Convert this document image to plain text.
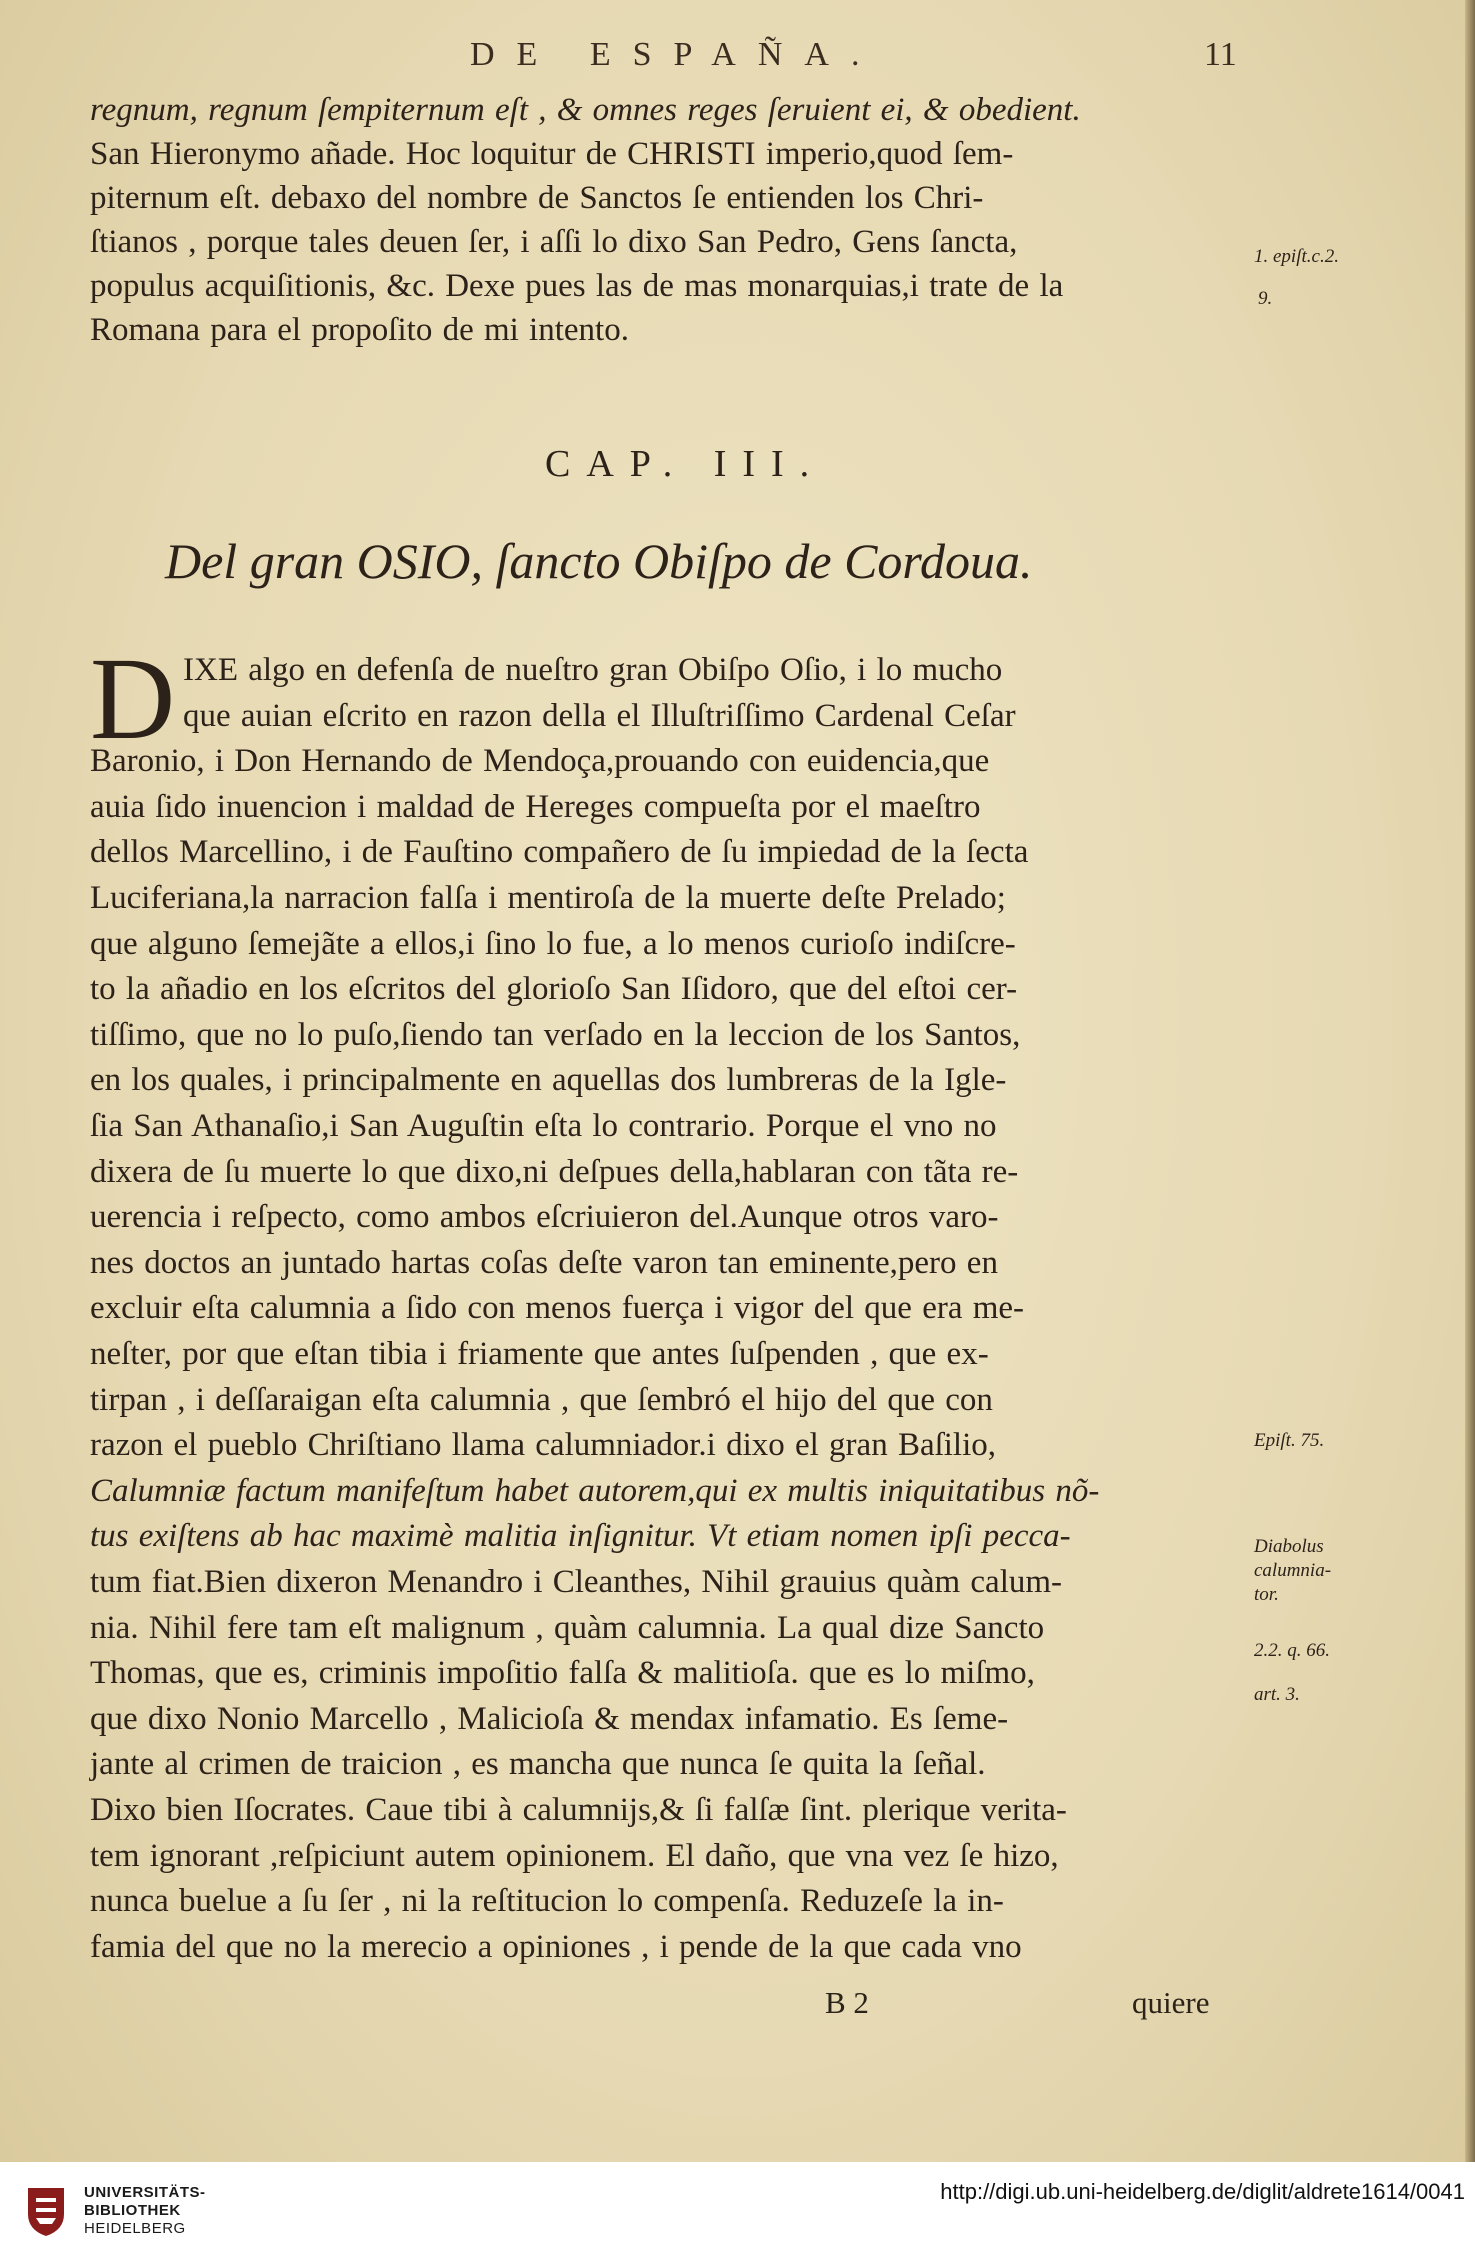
DE ESPAÑA.	11
regnum, regnum ſempiternum eſt , & omnes reges ſeruient ei, & obedient.
San Hieronymo añade. Hoc loquitur de CHRISTI imperio,quod ſem-
piternum eſt. debaxo del nombre de Sanctos ſe entienden los Chri-
ſtianos , porque tales deuen ſer, i aſſi lo dixo San Pedro, Gens ſancta,
populus acquiſitionis, &c. Dexe pues las de mas monarquias,i trate de la
Romana para el propoſito de mi intento.
1. epiſt.c.2.
9.
CAP. III.
Del gran OSIO, ſancto Obiſpo de Cordoua.
D IXE algo en defenſa de nueſtro gran Obiſpo Oſio, i lo mucho
que auian eſcrito en razon della el Illuſtriſſimo Cardenal Ceſar
Baronio, i Don Hernando de Mendoça,prouando con euidencia,que
auia ſido inuencion i maldad de Hereges compueſta por el maeſtro
dellos Marcellino, i de Fauſtino compañero de ſu impiedad de la ſecta
Luciferiana,la narracion falſa i mentiroſa de la muerte deſte Prelado;
que alguno ſemejãte a ellos,i ſino lo fue, a lo menos curioſo indiſcre-
to la añadio en los eſcritos del glorioſo San Iſidoro, que del eſtoi cer-
tiſſimo, que no lo puſo,ſiendo tan verſado en la leccion de los Santos,
en los quales, i principalmente en aquellas dos lumbreras de la Igle-
ſia San Athanaſio,i San Auguſtin eſta lo contrario. Porque el vno no
dixera de ſu muerte lo que dixo,ni deſpues della,hablaran con tãta re-
uerencia i reſpecto, como ambos eſcriuieron del.Aunque otros varo-
nes doctos an juntado hartas coſas deſte varon tan eminente,pero en
excluir eſta calumnia a ſido con menos fuerça i vigor del que era me-
neſter, por que eſtan tibia i friamente que antes ſuſpenden , que ex-
tirpan , i deſſaraigan eſta calumnia , que ſembró el hijo del que con
razon el pueblo Chriſtiano llama calumniador.i dixo el gran Baſilio,
Calumniæ factum manifeſtum habet autorem,qui ex multis iniquitatibus nõ-
tus exiſtens ab hac maximè malitia inſignitur. Vt etiam nomen ipſi pecca-
tum fiat.Bien dixeron Menandro i Cleanthes, Nihil grauius quàm calum-
nia. Nihil fere tam eſt malignum , quàm calumnia. La qual dize Sancto
Thomas, que es, criminis impoſitio falſa & malitioſa. que es lo miſmo,
que dixo Nonio Marcello , Malicioſa & mendax infamatio. Es ſeme-
jante al crimen de traicion , es mancha que nunca ſe quita la ſeñal.
Dixo bien Iſocrates. Caue tibi à calumnijs,& ſi falſæ ſint. plerique verita-
tem ignorant ,reſpiciunt autem opinionem. El daño, que vna vez ſe hizo,
nunca buelue a ſu ſer , ni la reſtitucion lo compenſa. Reduzeſe la in-
famia del que no la merecio a opiniones , i pende de la que cada vno
Epiſt. 75.
Diabolus
calumnia-
tor.
2.2. q. 66.
art. 3.
B 2	quiere
UNIVERSITÄTS-
BIBLIOTHEK
HEIDELBERG
http://digi.ub.uni-heidelberg.de/diglit/aldrete1614/0041
